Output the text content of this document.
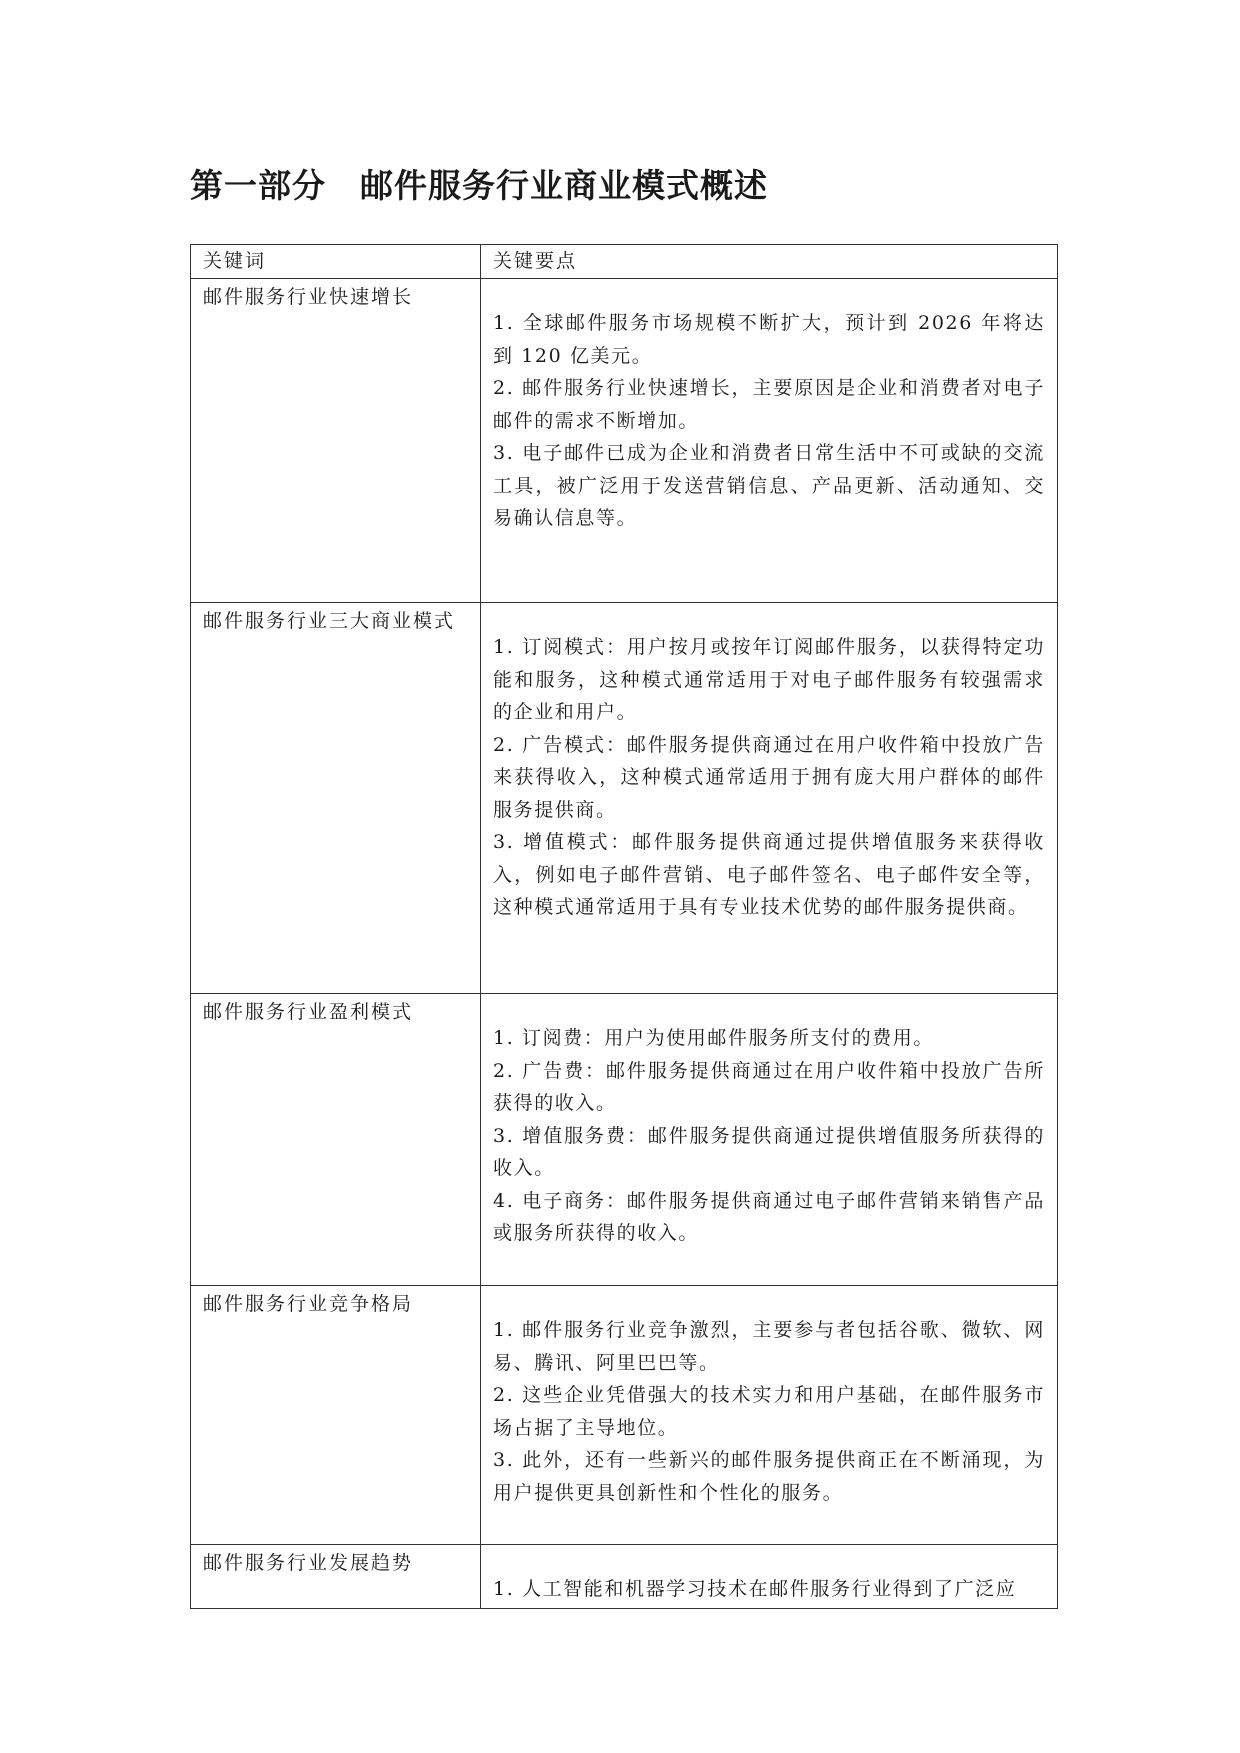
第一部分　邮件服务行业商业模式概述
关键词	关键要点
邮件服务行业快速增长	1. 全球邮件服务市场规模不断扩大，预计到 2026 年将达到 120 亿美元。

2. 邮件服务行业快速增长，主要原因是企业和消费者对电子邮件的需求不断增加。

3. 电子邮件已成为企业和消费者日常生活中不可或缺的交流工具，被广泛用于发送营销信息、产品更新、活动通知、交易确认信息等。

邮件服务行业三大商业模式	1. 订阅模式：用户按月或按年订阅邮件服务，以获得特定功能和服务，这种模式通常适用于对电子邮件服务有较强需求的企业和用户。

2. 广告模式：邮件服务提供商通过在用户收件箱中投放广告来获得收入，这种模式通常适用于拥有庞大用户群体的邮件服务提供商。

3. 增值模式：邮件服务提供商通过提供增值服务来获得收入，例如电子邮件营销、电子邮件签名、电子邮件安全等，这种模式通常适用于具有专业技术优势的邮件服务提供商。

邮件服务行业盈利模式	1. 订阅费：用户为使用邮件服务所支付的费用。

2. 广告费：邮件服务提供商通过在用户收件箱中投放广告所获得的收入。

3. 增值服务费：邮件服务提供商通过提供增值服务所获得的收入。

4. 电子商务：邮件服务提供商通过电子邮件营销来销售产品或服务所获得的收入。

邮件服务行业竞争格局	1. 邮件服务行业竞争激烈，主要参与者包括谷歌、微软、网易、腾讯、阿里巴巴等。

2. 这些企业凭借强大的技术实力和用户基础，在邮件服务市场占据了主导地位。

3. 此外，还有一些新兴的邮件服务提供商正在不断涌现，为用户提供更具创新性和个性化的服务。

邮件服务行业发展趋势	1. 人工智能和机器学习技术在邮件服务行业得到了广泛应
